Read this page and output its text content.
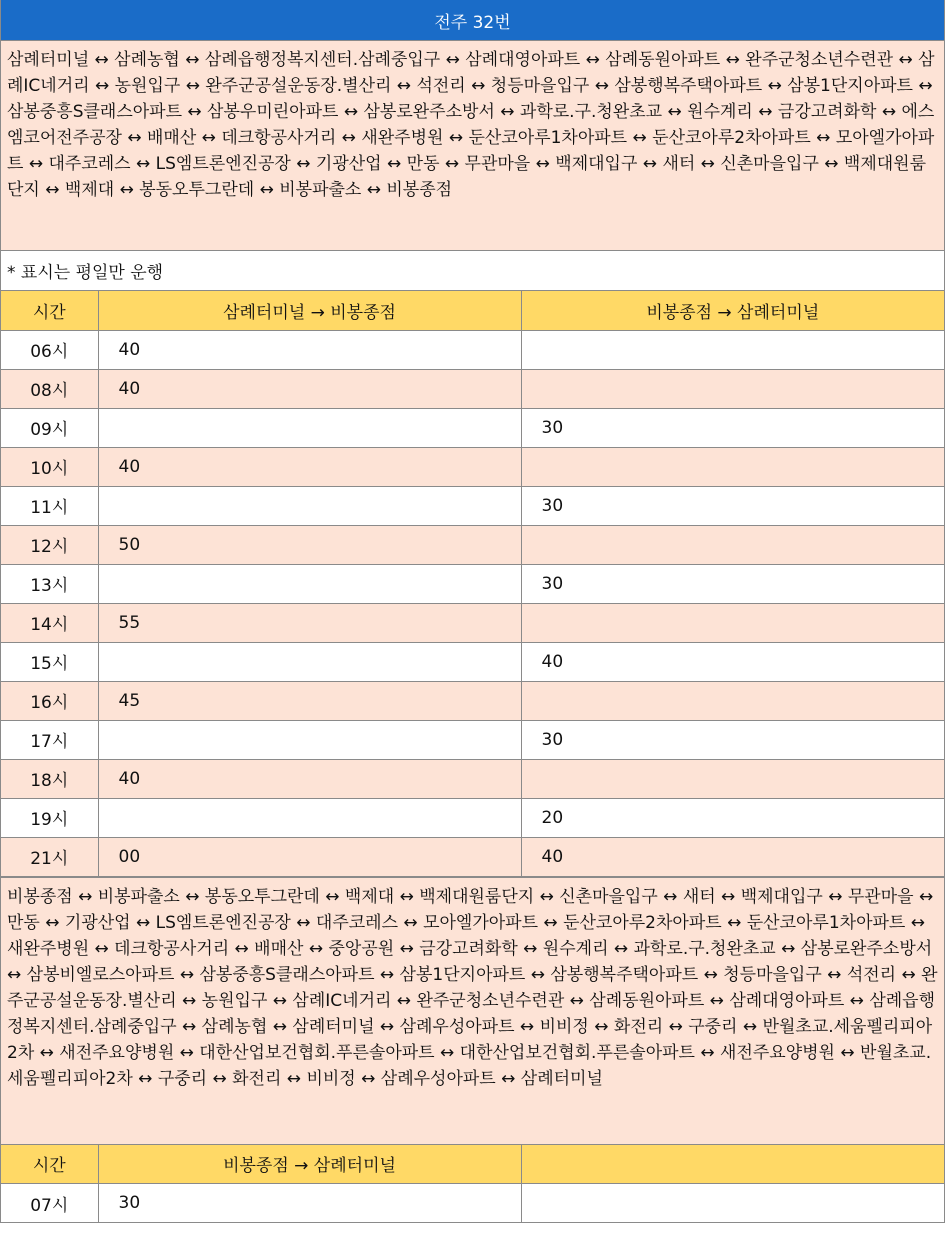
전주 32번
삼례터미널 ↔ 삼례농협 ↔ 삼례읍행정복지센터.삼례중입구 ↔ 삼례대영아파트 ↔ 삼례동원아파트 ↔ 완주군청소년수련관 ↔ 삼례IC네거리 ↔ 농원입구 ↔ 완주군공설운동장.별산리 ↔ 석전리 ↔ 청등마을입구 ↔ 삼봉행복주택아파트 ↔ 삼봉1단지아파트 ↔ 삼봉중흥S클래스아파트 ↔ 삼봉우미린아파트 ↔ 삼봉로완주소방서 ↔ 과학로.구.청완초교 ↔ 원수계리 ↔ 금강고려화학 ↔ 에스엠코어전주공장 ↔ 배매산 ↔ 데크항공사거리 ↔ 새완주병원 ↔ 둔산코아루1차아파트 ↔ 둔산코아루2차아파트 ↔ 모아엘가아파트 ↔ 대주코레스 ↔ LS엠트론엔진공장 ↔ 기광산업 ↔ 만동 ↔ 무관마을 ↔ 백제대입구 ↔ 새터 ↔ 신촌마을입구 ↔ 백제대원룸단지 ↔ 백제대 ↔ 봉동오투그란데 ↔ 비봉파출소 ↔ 비봉종점
* 표시는 평일만 운행
시간	삼례터미널 → 비봉종점	비봉종점 → 삼례터미널
06시	40	
08시	40	
09시		30
10시	40	
11시		30
12시	50	
13시		30
14시	55	
15시		40
16시	45	
17시		30
18시	40	
19시		20
21시	00	40
비봉종점 ↔ 비봉파출소 ↔ 봉동오투그란데 ↔ 백제대 ↔ 백제대원룸단지 ↔ 신촌마을입구 ↔ 새터 ↔ 백제대입구 ↔ 무관마을 ↔ 만동 ↔ 기광산업 ↔ LS엠트론엔진공장 ↔ 대주코레스 ↔ 모아엘가아파트 ↔ 둔산코아루2차아파트 ↔ 둔산코아루1차아파트 ↔ 새완주병원 ↔ 데크항공사거리 ↔ 배매산 ↔ 중앙공원 ↔ 금강고려화학 ↔ 원수계리 ↔ 과학로.구.청완초교 ↔ 삼봉로완주소방서 ↔ 삼봉비엘로스아파트 ↔ 삼봉중흥S클래스아파트 ↔ 삼봉1단지아파트 ↔ 삼봉행복주택아파트 ↔ 청등마을입구 ↔ 석전리 ↔ 완주군공설운동장.별산리 ↔ 농원입구 ↔ 삼례IC네거리 ↔ 완주군청소년수련관 ↔ 삼례동원아파트 ↔ 삼례대영아파트 ↔ 삼례읍행정복지센터.삼례중입구 ↔ 삼례농협 ↔ 삼례터미널 ↔ 삼례우성아파트 ↔ 비비정 ↔ 화전리 ↔ 구중리 ↔ 반월초교.세움펠리피아2차 ↔ 새전주요양병원 ↔ 대한산업보건협회.푸른솔아파트 ↔ 대한산업보건협회.푸른솔아파트 ↔ 새전주요양병원 ↔ 반월초교.세움펠리피아2차 ↔ 구중리 ↔ 화전리 ↔ 비비정 ↔ 삼례우성아파트 ↔ 삼례터미널
시간	비봉종점 → 삼례터미널	
07시	30	
